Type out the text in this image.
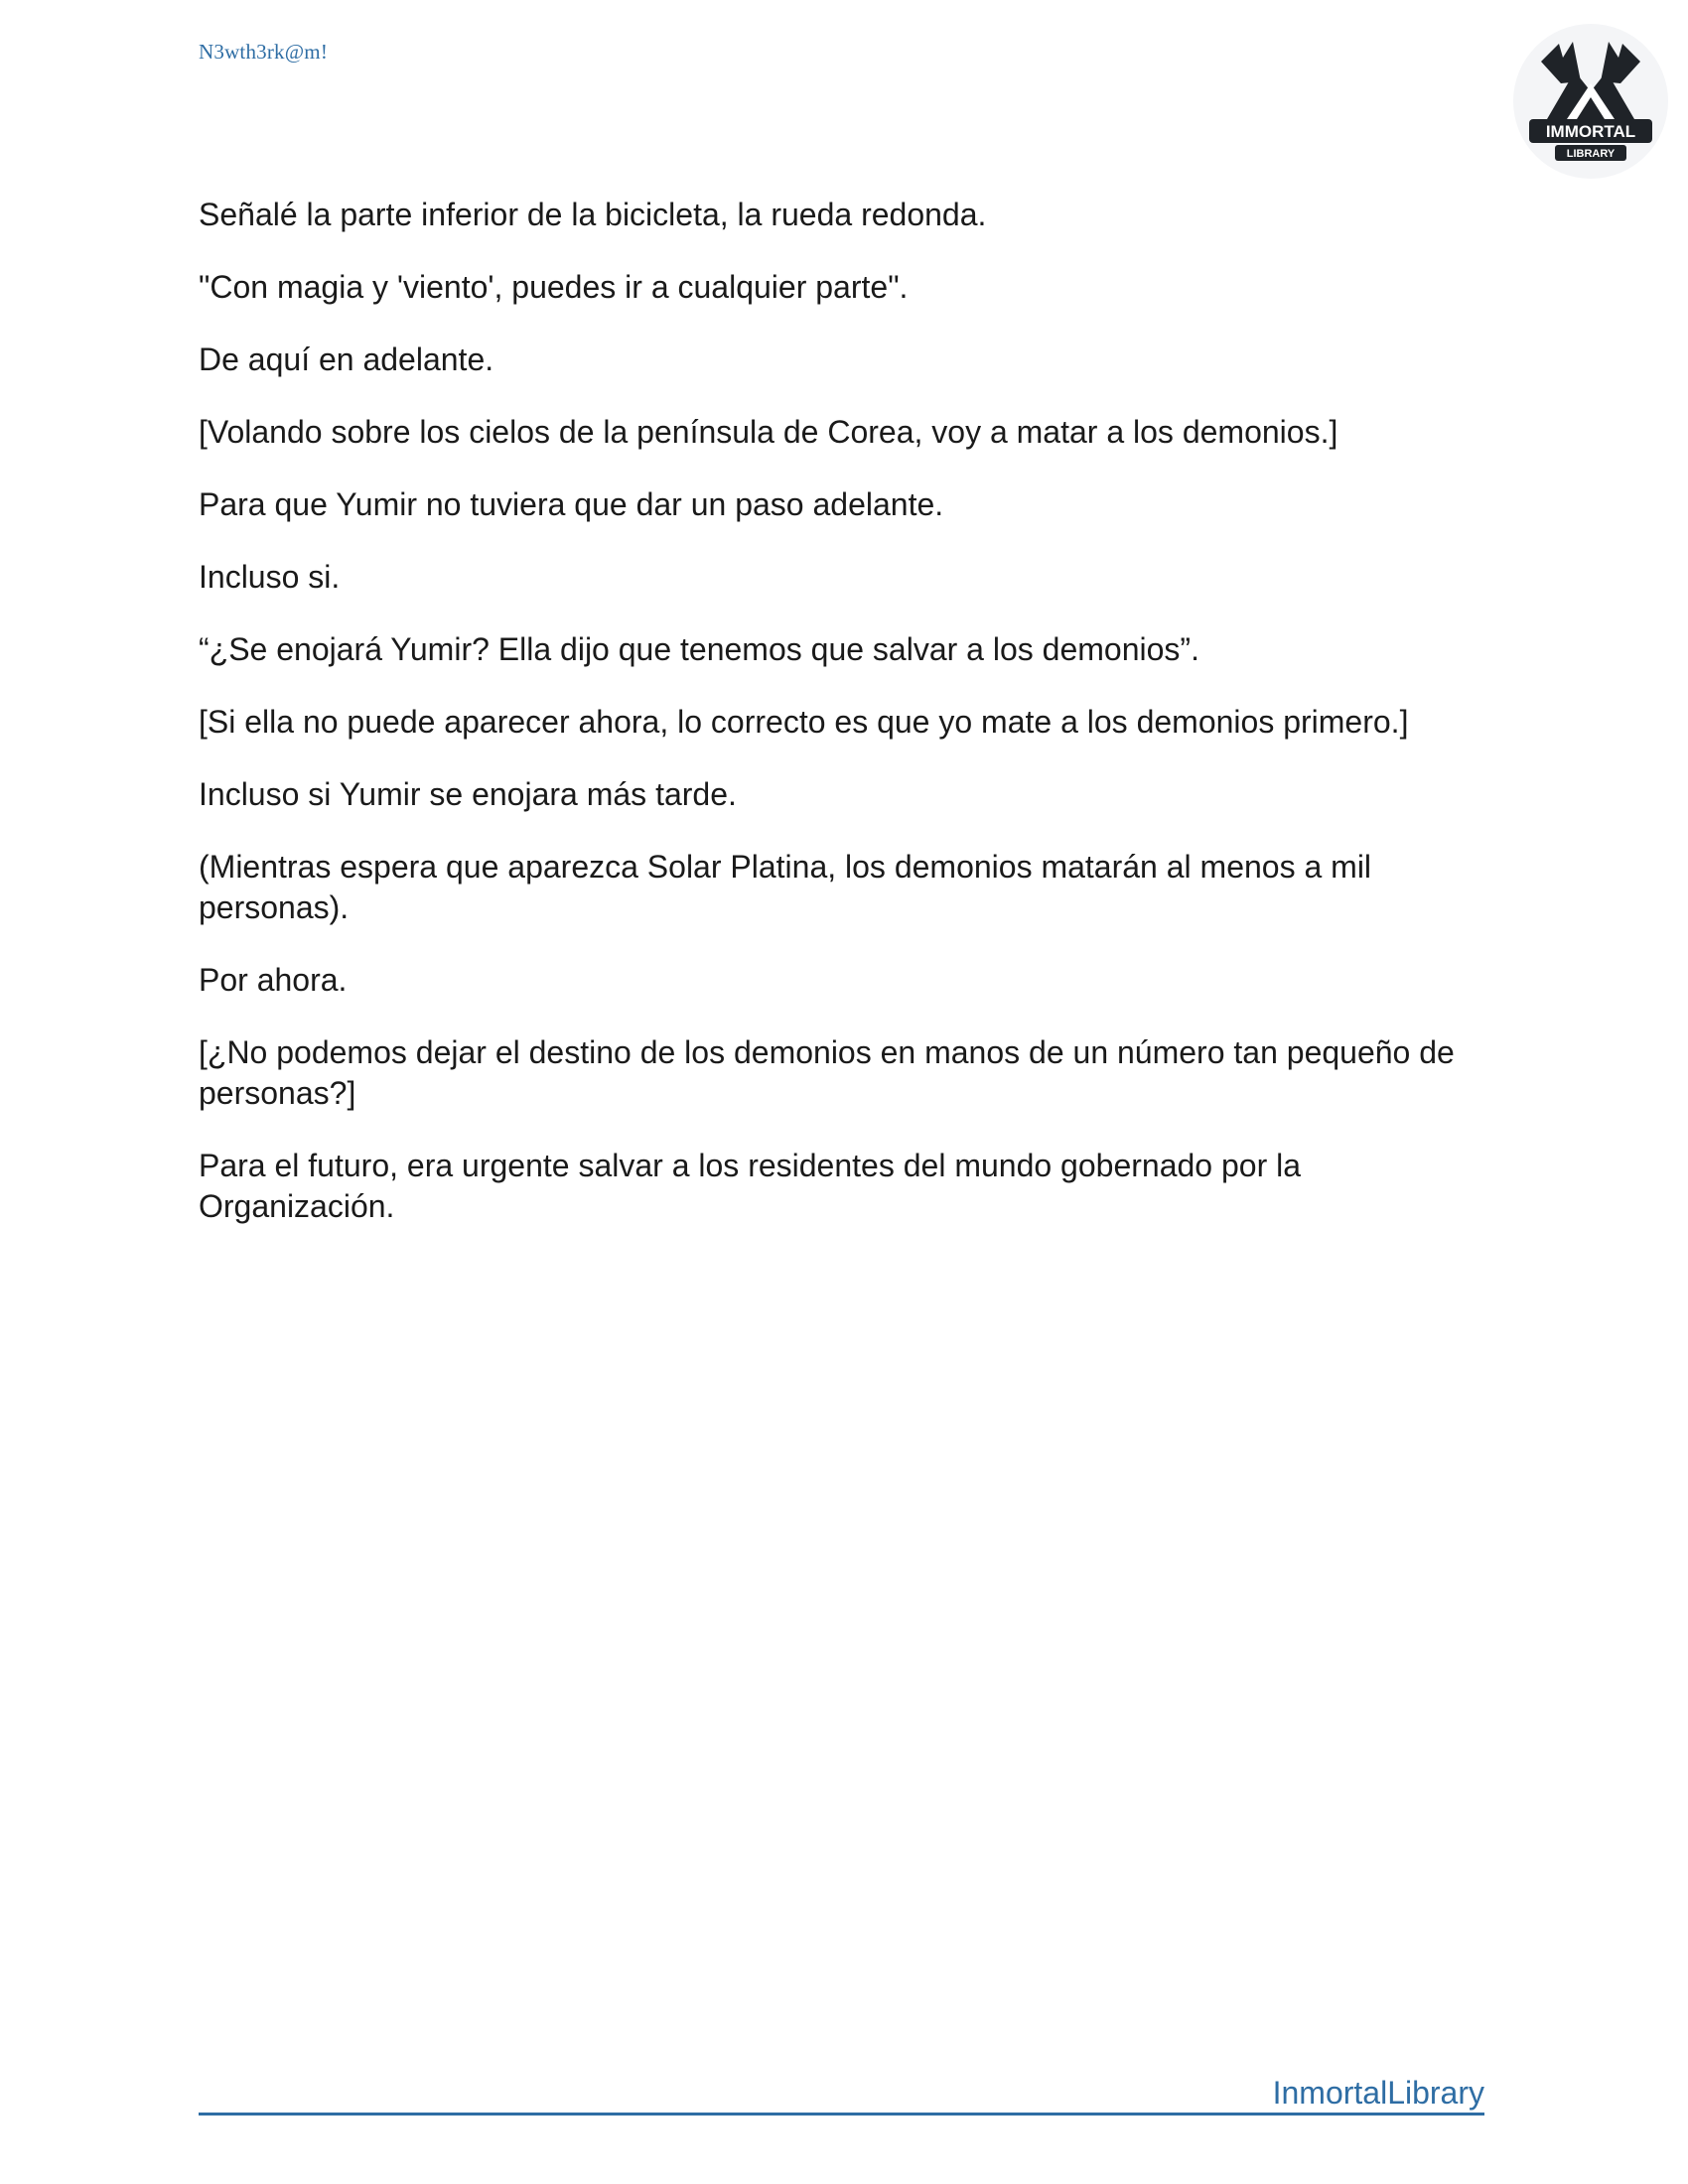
N3wth3rk@m!
IMMORTAL
LIBRARY

Señalé la parte inferior de la bicicleta, la rueda redonda.

"Con magia y 'viento', puedes ir a cualquier parte".

De aquí en adelante.

[Volando sobre los cielos de la península de Corea, voy a matar a los demonios.]

Para que Yumir no tuviera que dar un paso adelante.

Incluso si.

“¿Se enojará Yumir? Ella dijo que tenemos que salvar a los demonios”.

[Si ella no puede aparecer ahora, lo correcto es que yo mate a los demonios primero.]

Incluso si Yumir se enojara más tarde.

(Mientras espera que aparezca Solar Platina, los demonios matarán al menos a mil personas).

Por ahora.

[¿No podemos dejar el destino de los demonios en manos de un número tan pequeño de personas?]

Para el futuro, era urgente salvar a los residentes del mundo gobernado por la Organización.

InmortalLibrary
